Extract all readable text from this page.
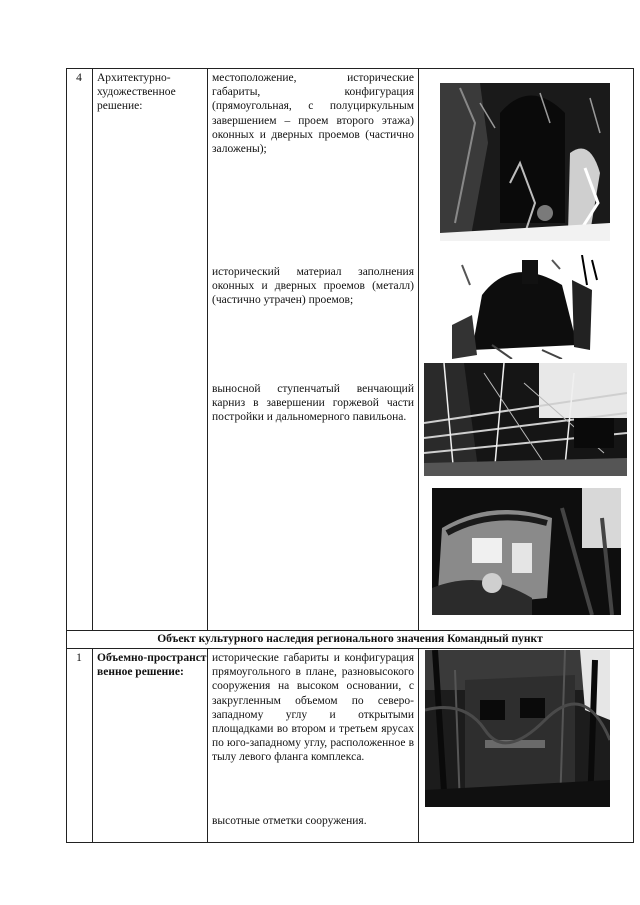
4	Архитектурно-художественное решение:
местоположение, исторические габариты, конфигурация (прямоугольная, с полуциркульным завершением – проем второго этажа) оконных и дверных проемов (частично заложены);
исторический материал заполнения оконных и дверных проемов (металл) (частично утрачен) проемов;
выносной ступенчатый венчающий карниз в завершении горжевой части постройки и дальномерного павильона.
Объект культурного наследия регионального значения Командный пункт
1	Объемно-пространственное решение:
исторические габариты и конфигурация прямоугольного в плане, разновысокого сооружения на высоком основании, с закругленным объемом по северо-западному углу и открытыми площадками во втором и третьем ярусах по юго-западному углу, расположенное в тылу левого фланга комплекса.
высотные отметки сооружения.
